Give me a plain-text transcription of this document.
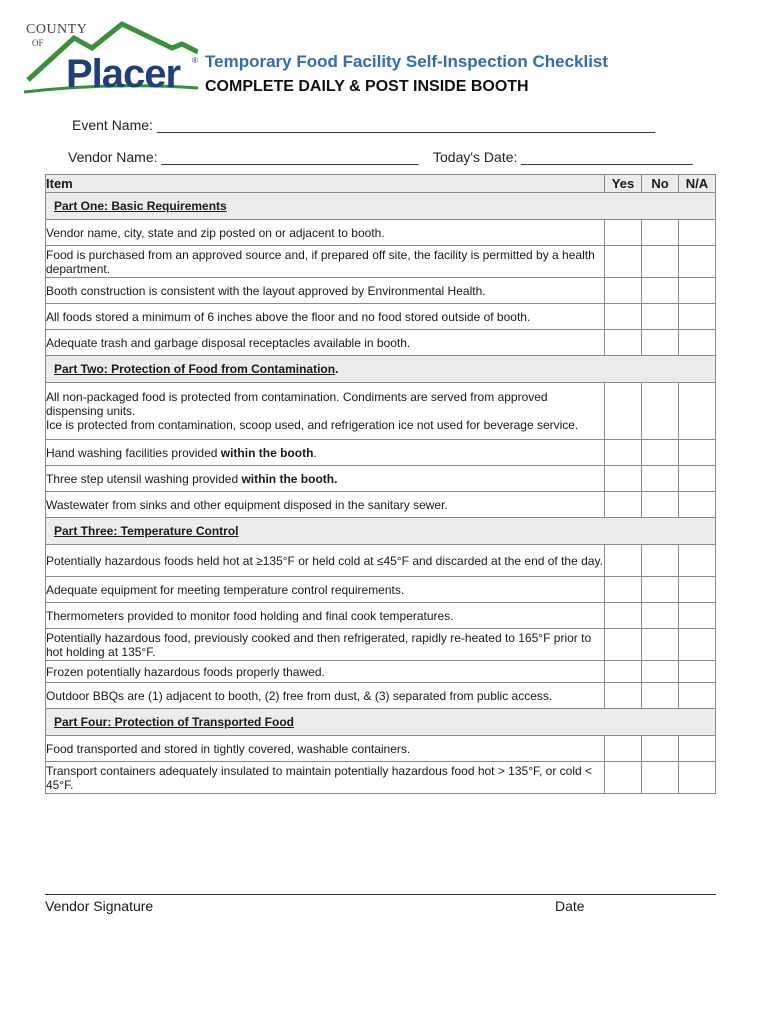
COUNTY
OF
Placer ® Temporary Food Facility Self-Inspection Checklist
COMPLETE DAILY & POST INSIDE BOOTH
Event Name: ________________________________________________________________
Vendor Name: _________________________________ Today's Date: ______________________
Item	Yes	No	N/A
Part One: Basic Requirements			
Vendor name, city, state and zip posted on or adjacent to booth.			
Food is purchased from an approved source and, if prepared off site, the facility is permitted by a health department.			
Booth construction is consistent with the layout approved by Environmental Health.			
All foods stored a minimum of 6 inches above the floor and no food stored outside of booth.			
Adequate trash and garbage disposal receptacles available in booth.			
Part Two: Protection of Food from Contamination.			
All non-packaged food is protected from contamination. Condiments are served from approved dispensing units.
Ice is protected from contamination, scoop used, and refrigeration ice not used for beverage service.			
Hand washing facilities provided within the booth.			
Three step utensil washing provided within the booth.			
Wastewater from sinks and other equipment disposed in the sanitary sewer.			
Part Three: Temperature Control			
Potentially hazardous foods held hot at ≥135°F or held cold at ≤45°F and discarded at the end of the day.			
Adequate equipment for meeting temperature control requirements.			
Thermometers provided to monitor food holding and final cook temperatures.			
Potentially hazardous food, previously cooked and then refrigerated, rapidly re-heated to 165°F prior to hot holding at 135°F.			
Frozen potentially hazardous foods properly thawed.			
Outdoor BBQs are (1) adjacent to booth, (2) free from dust, & (3) separated from public access.			
Part Four: Protection of Transported Food			
Food transported and stored in tightly covered, washable containers.			
Transport containers adequately insulated to maintain potentially hazardous food hot > 135°F, or cold < 45°F.			
Vendor Signature	Date
